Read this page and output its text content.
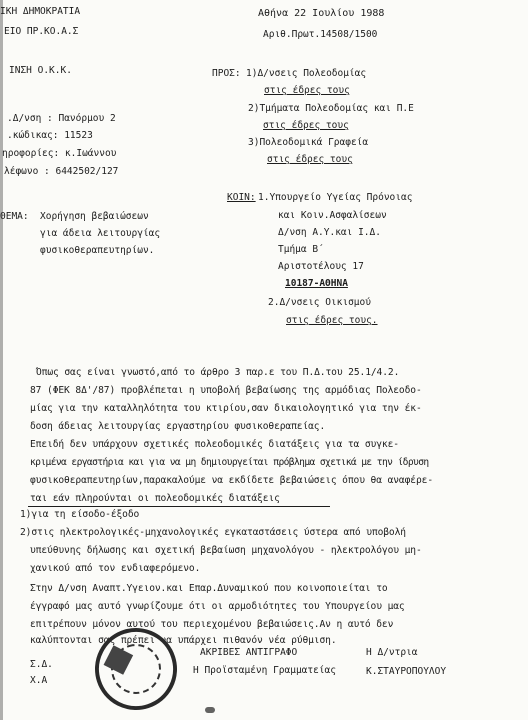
ΙΚΗ ΔΗΜΟΚΡΑΤΙΑ
ΕΙΟ ΠΡ.ΚΟ.Α.Σ
Αθήνα 22 Ιουλίου 1988
Αριθ.Πρωτ.14508/1500
ΙΝΣΗ Ο.Κ.Κ.
.Δ/νση : Πανόρμου 2
.κώδικας: 11523
ηροφορίες: κ.Ιωάννου
λέφωνο : 6442502/127
ΠΡΟΣ: 1)Δ/νσεις Πολεοδομίας
στις έδρες τους
2)Τμήματα Πολεοδομίας και Π.Ε
στις έδρες τους
3)Πολεοδομικά Γραφεία
στις έδρες τους
ΘΕΜΑ: Χορήγηση βεβαιώσεων
για άδεια λειτουργίας
φυσικοθεραπευτηρίων.
ΚΟΙΝ: 1.Υπουργείο Υγείας Πρόνοιας
και Κοιν.Ασφαλίσεων
Δ/νση Α.Υ.και Ι.Δ.
Τμήμα Β΄
Αριστοτέλους 17
10187-ΑΘΗΝΑ
2.Δ/νσεις Οικισμού
στις έδρες τους.
Όπως σας είναι γνωστό,από το άρθρο 3 παρ.ε του Π.Δ.του 25.1/4.2.
87 (ΦΕΚ 8Δ'/87) προβλέπεται η υποβολή βεβαίωσης της αρμόδιας Πολεοδο-
μίας για την καταλληλότητα του κτιρίου,σαν δικαιολογητικό για την έκ-
δοση άδειας λειτουργίας εργαστηρίου φυσικοθεραπείας.
Επειδή δεν υπάρχουν σχετικές πολεοδομικές διατάξεις για τα συγκε-
κριμένα εργαστήρια και για να μη δημιουργείται πρόβλημα σχετικά με την ίδρυση
φυσικοθεραπευτηρίων,παρακαλούμε να εκδίδετε βεβαιώσεις όπου θα αναφέρε-
ται εάν πληρούνται οι πολεοδομικές διατάξεις
1)για τη είσοδο-έξοδο
2)στις ηλεκτρολογικές-μηχανολογικές εγκαταστάσεις ύστερα από υποβολή
υπεύθυνης δήλωσης και σχετική βεβαίωση μηχανολόγου - ηλεκτρολόγου μη-
χανικού από τον ενδιαφερόμενο.
Στην Δ/νση Αναπτ.Υγειον.και Επαρ.Δυναμικού που κοινοποιείται το
έγγραφό μας αυτό γνωρίζουμε ότι οι αρμοδιότητες του Υπουργείου μας
επιτρέπουν μόνον αυτού του περιεχομένου βεβαιώσεις.Αν η αυτό δεν
καλύπτονται σας πρέπει να υπάρχει πιθανόν νέα ρύθμιση.
Σ.Δ.
Χ.Α
ΑΚΡΙΒΕΣ ΑΝΤΙΓΡΑΦΟ
Η Προϊσταμένη Γραμματείας
Η Δ/ντρια
Κ.ΣΤΑΥΡΟΠΟΥΛΟΥ
